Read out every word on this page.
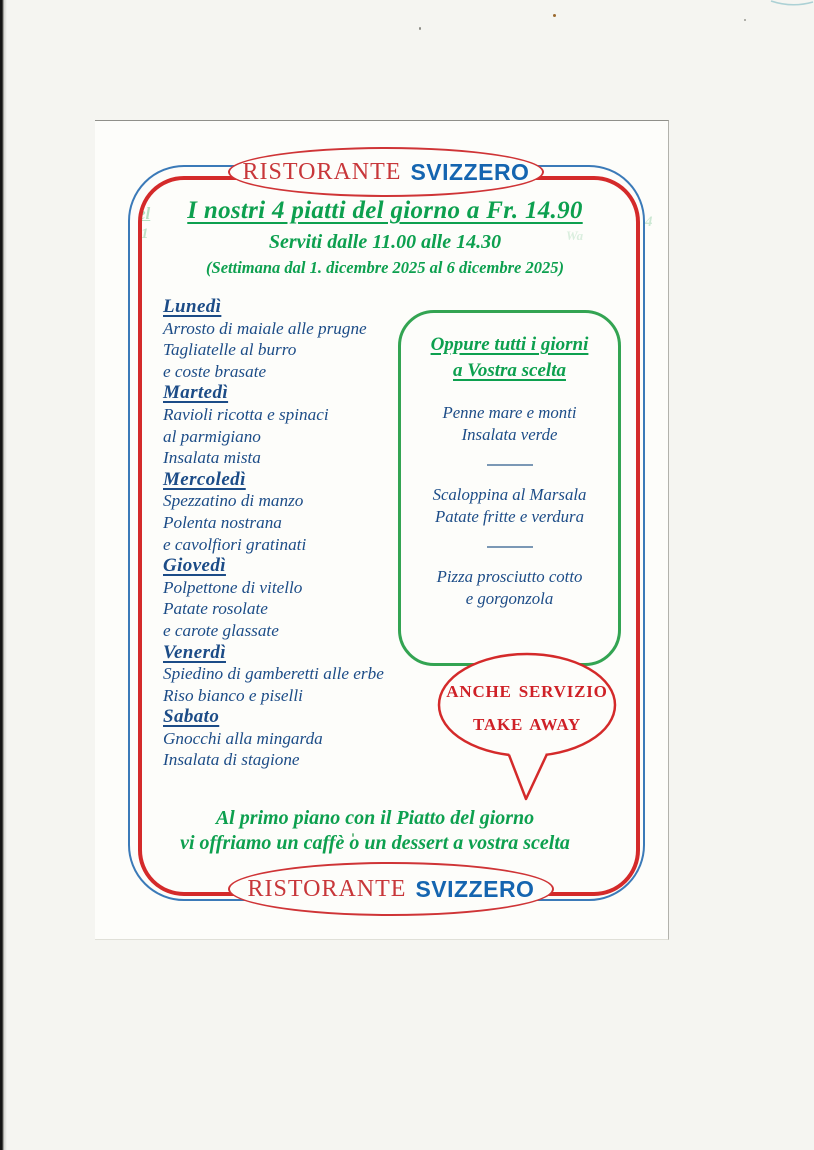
el
1
4
Wa
I nostri 4 piatti del giorno a Fr. 14.90
Serviti dalle 11.00 alle 14.30
(Settimana dal 1. dicembre 2025 al 6 dicembre 2025)
Lunedì
Arrosto di maiale alle prugne
Tagliatelle al burro
e coste brasate
Martedì
Ravioli ricotta e spinaci
al parmigiano
Insalata mista
Mercoledì
Spezzatino di manzo
Polenta nostrana
e cavolfiori gratinati
Giovedì
Polpettone di vitello
Patate rosolate
e carote glassate
Venerdì
Spiedino di gamberetti alle erbe
Riso bianco e piselli
Sabato
Gnocchi alla mingarda
Insalata di stagione
Oppure tutti i giorni
a Vostra scelta
Penne mare e monti
Insalata verde
Scaloppina al Marsala
Patate fritte e verdura
Pizza prosciutto cotto
e gorgonzola
ANCHE SERVIZIO
TAKE AWAY
Al primo piano con il Piatto del giorno
vi offriamo un caffè o un dessert a vostra scelta
RISTORANTE SVIZZERO
RISTORANTE SVIZZERO
